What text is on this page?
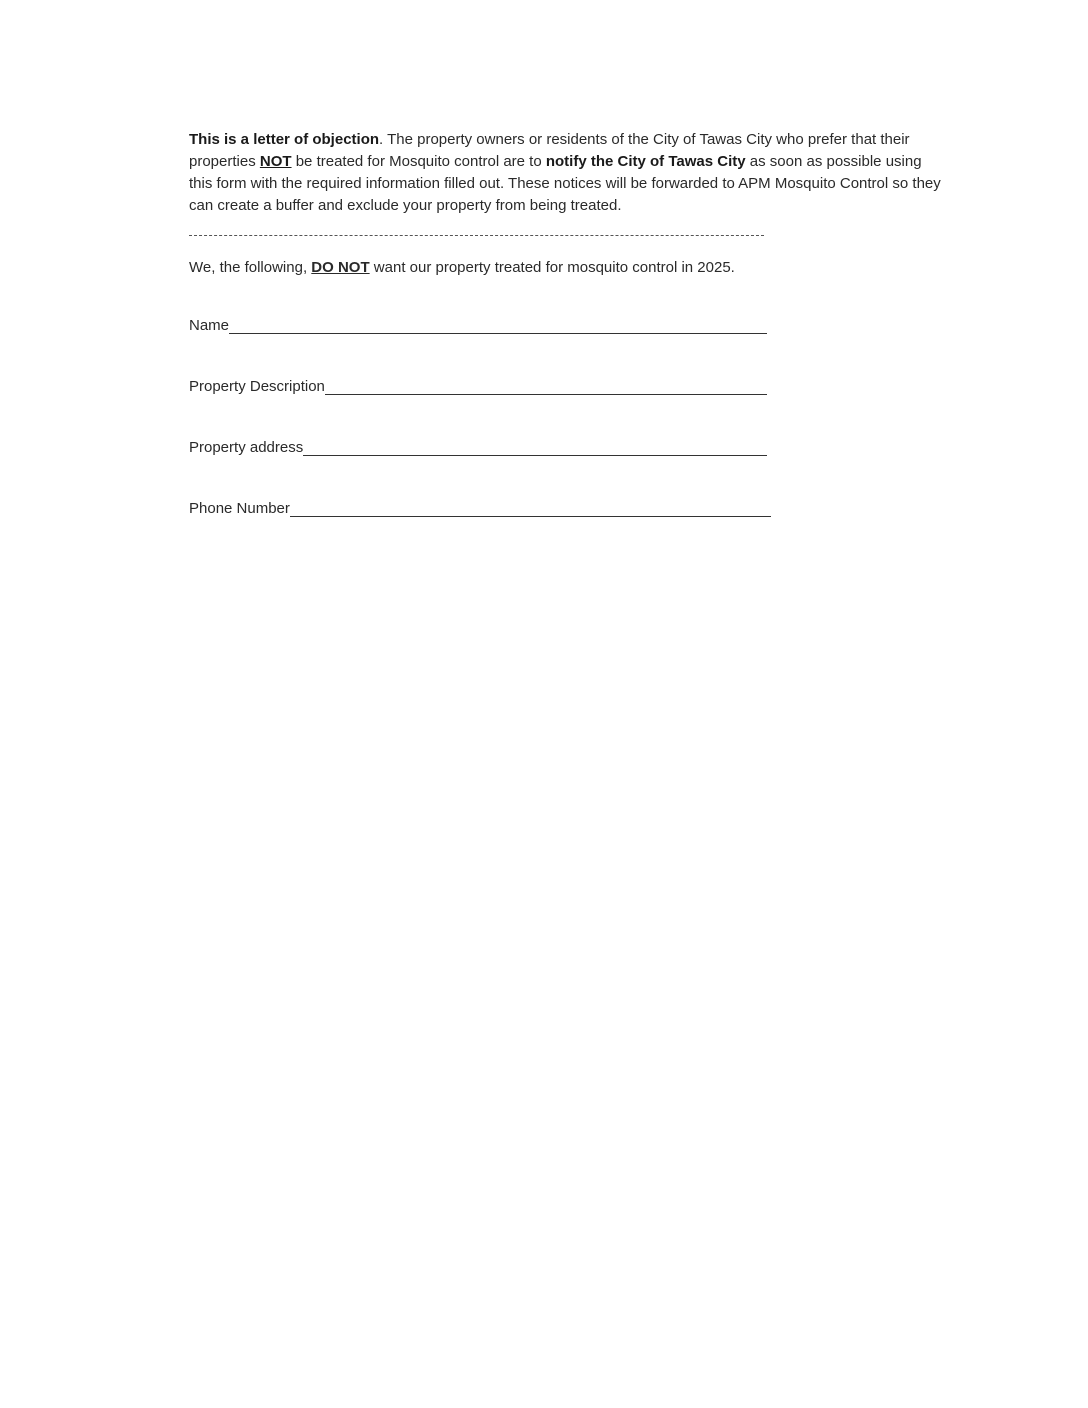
This is a letter of objection. The property owners or residents of the City of Tawas City who prefer that their properties NOT be treated for Mosquito control are to notify the City of Tawas City as soon as possible using this form with the required information filled out. These notices will be forwarded to APM Mosquito Control so they can create a buffer and exclude your property from being treated.

We, the following, DO NOT want our property treated for mosquito control in 2025.

Name
Property Description
Property address
Phone Number
